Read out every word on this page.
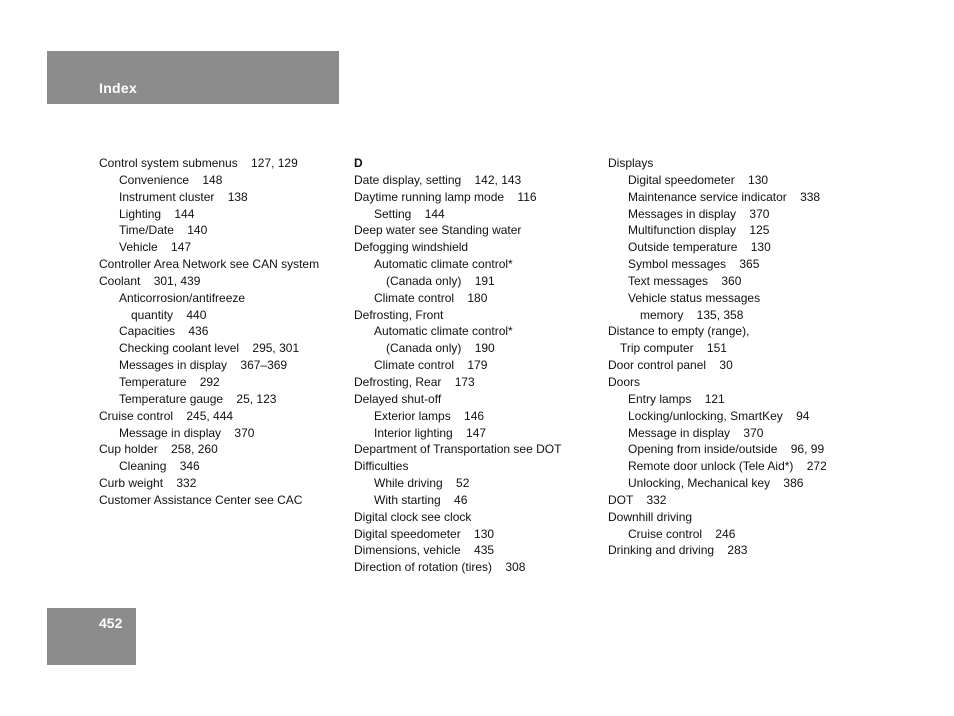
Index
Control system submenus    127, 129
Convenience    148
Instrument cluster    138
Lighting    144
Time/Date    140
Vehicle    147
Controller Area Network see CAN system
Coolant    301, 439
Anticorrosion/antifreeze
quantity    440
Capacities    436
Checking coolant level    295, 301
Messages in display    367–369
Temperature    292
Temperature gauge    25, 123
Cruise control    245, 444
Message in display    370
Cup holder    258, 260
Cleaning    346
Curb weight    332
Customer Assistance Center see CAC
D
Date display, setting    142, 143
Daytime running lamp mode    116
Setting    144
Deep water see Standing water
Defogging windshield
Automatic climate control*
(Canada only)    191
Climate control    180
Defrosting, Front
Automatic climate control*
(Canada only)    190
Climate control    179
Defrosting, Rear    173
Delayed shut-off
Exterior lamps    146
Interior lighting    147
Department of Transportation see DOT
Difficulties
While driving    52
With starting    46
Digital clock see clock
Digital speedometer    130
Dimensions, vehicle    435
Direction of rotation (tires)    308
Displays
Digital speedometer    130
Maintenance service indicator    338
Messages in display    370
Multifunction display    125
Outside temperature    130
Symbol messages    365
Text messages    360
Vehicle status messages
memory    135, 358
Distance to empty (range),
Trip computer    151
Door control panel    30
Doors
Entry lamps    121
Locking/unlocking, SmartKey    94
Message in display    370
Opening from inside/outside    96, 99
Remote door unlock (Tele Aid*)    272
Unlocking, Mechanical key    386
DOT    332
Downhill driving
Cruise control    246
Drinking and driving    283
452
